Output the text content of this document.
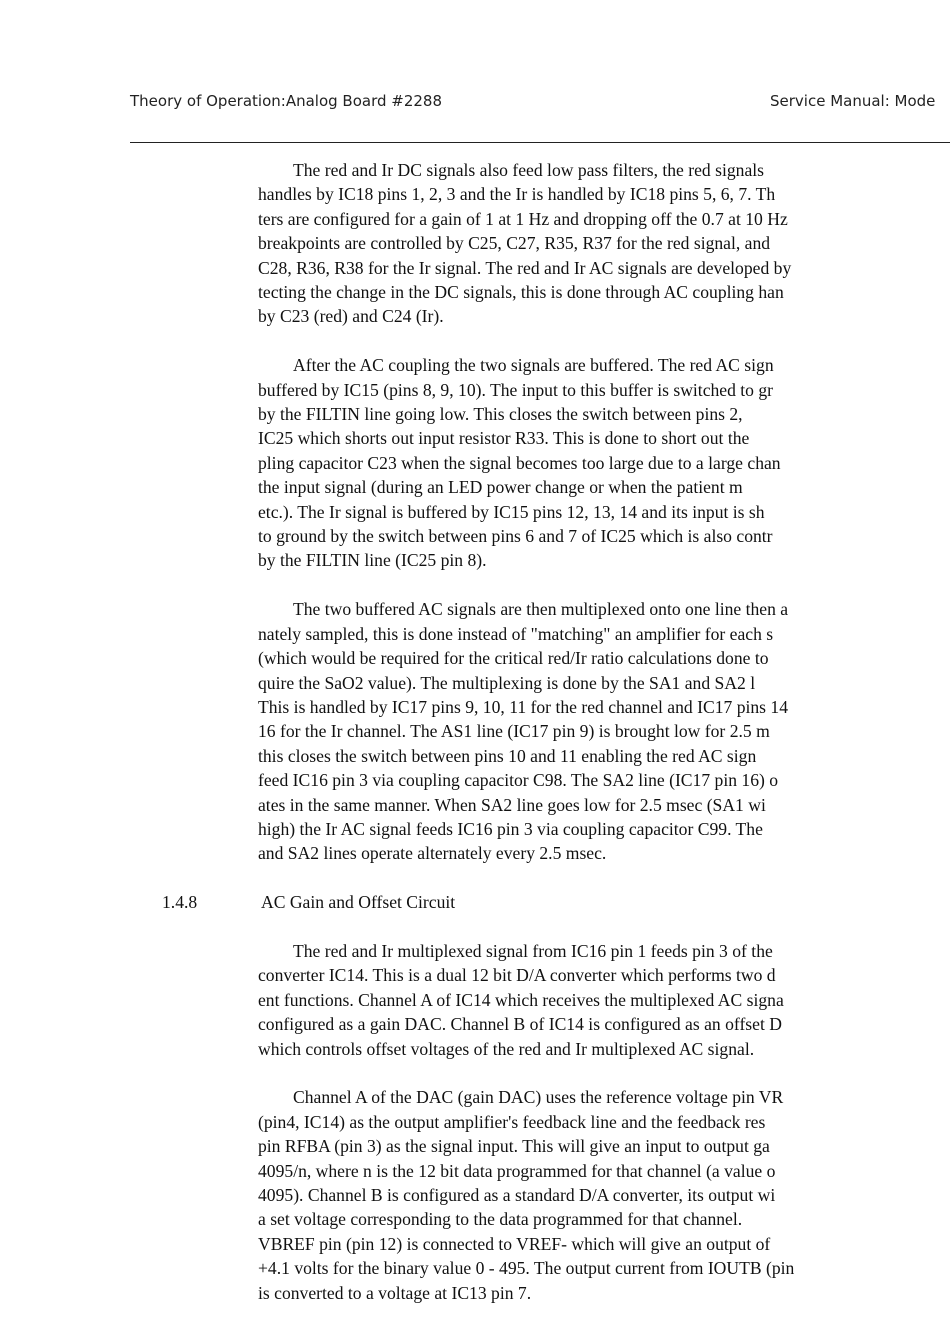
Theory of Operation:Analog Board #2288	Service Manual: Mode
The red and Ir DC signals also feed low pass filters, the red signals
handles by IC18 pins 1, 2, 3 and the Ir is handled by IC18 pins 5, 6, 7. Th
ters are configured for a gain of 1 at 1 Hz and dropping off the 0.7 at 10 Hz
breakpoints are controlled by C25, C27, R35, R37 for the red signal, and
C28, R36, R38 for the Ir signal. The red and Ir AC signals are developed by
tecting the change in the DC signals, this is done through AC coupling han
by C23 (red) and C24 (Ir).
After the AC coupling the two signals are buffered. The red AC sign
buffered by IC15 (pins 8, 9, 10). The input to this buffer is switched to gr
by the FILTIN line going low. This closes the switch between pins 2,
IC25 which shorts out input resistor R33. This is done to short out the
pling capacitor C23 when the signal becomes too large due to a large chan
the input signal (during an LED power change or when the patient m
etc.). The Ir signal is buffered by IC15 pins 12, 13, 14 and its input is sh
to ground by the switch between pins 6 and 7 of IC25 which is also contr
by the FILTIN line (IC25 pin 8).
The two buffered AC signals are then multiplexed onto one line then a
nately sampled, this is done instead of "matching" an amplifier for each s
(which would be required for the critical red/Ir ratio calculations done to
quire the SaO2 value). The multiplexing is done by the SA1 and SA2 l
This is handled by IC17 pins 9, 10, 11 for the red channel and IC17 pins 14
16 for the Ir channel. The AS1 line (IC17 pin 9) is brought low for 2.5 m
this closes the switch between pins 10 and 11 enabling the red AC sign
feed IC16 pin 3 via coupling capacitor C98. The SA2 line (IC17 pin 16) o
ates in the same manner. When SA2 line goes low for 2.5 msec (SA1 wi
high) the Ir AC signal feeds IC16 pin 3 via coupling capacitor C99. The
and SA2 lines operate alternately every 2.5 msec.
1.4.8	AC Gain and Offset Circuit
The red and Ir multiplexed signal from IC16 pin 1 feeds pin 3 of the
converter IC14. This is a dual 12 bit D/A converter which performs two d
ent functions. Channel A of IC14 which receives the multiplexed AC signa
configured as a gain DAC. Channel B of IC14 is configured as an offset D
which controls offset voltages of the red and Ir multiplexed AC signal.
Channel A of the DAC (gain DAC) uses the reference voltage pin VR
(pin4, IC14) as the output amplifier's feedback line and the feedback res
pin RFBA (pin 3) as the signal input. This will give an input to output ga
4095/n, where n is the 12 bit data programmed for that channel (a value o
4095). Channel B is configured as a standard D/A converter, its output wi
a set voltage corresponding to the data programmed for that channel.
VBREF pin (pin 12) is connected to VREF- which will give an output of
+4.1 volts for the binary value 0 - 495. The output current from IOUTB (pin
is converted to a voltage at IC13 pin 7.
